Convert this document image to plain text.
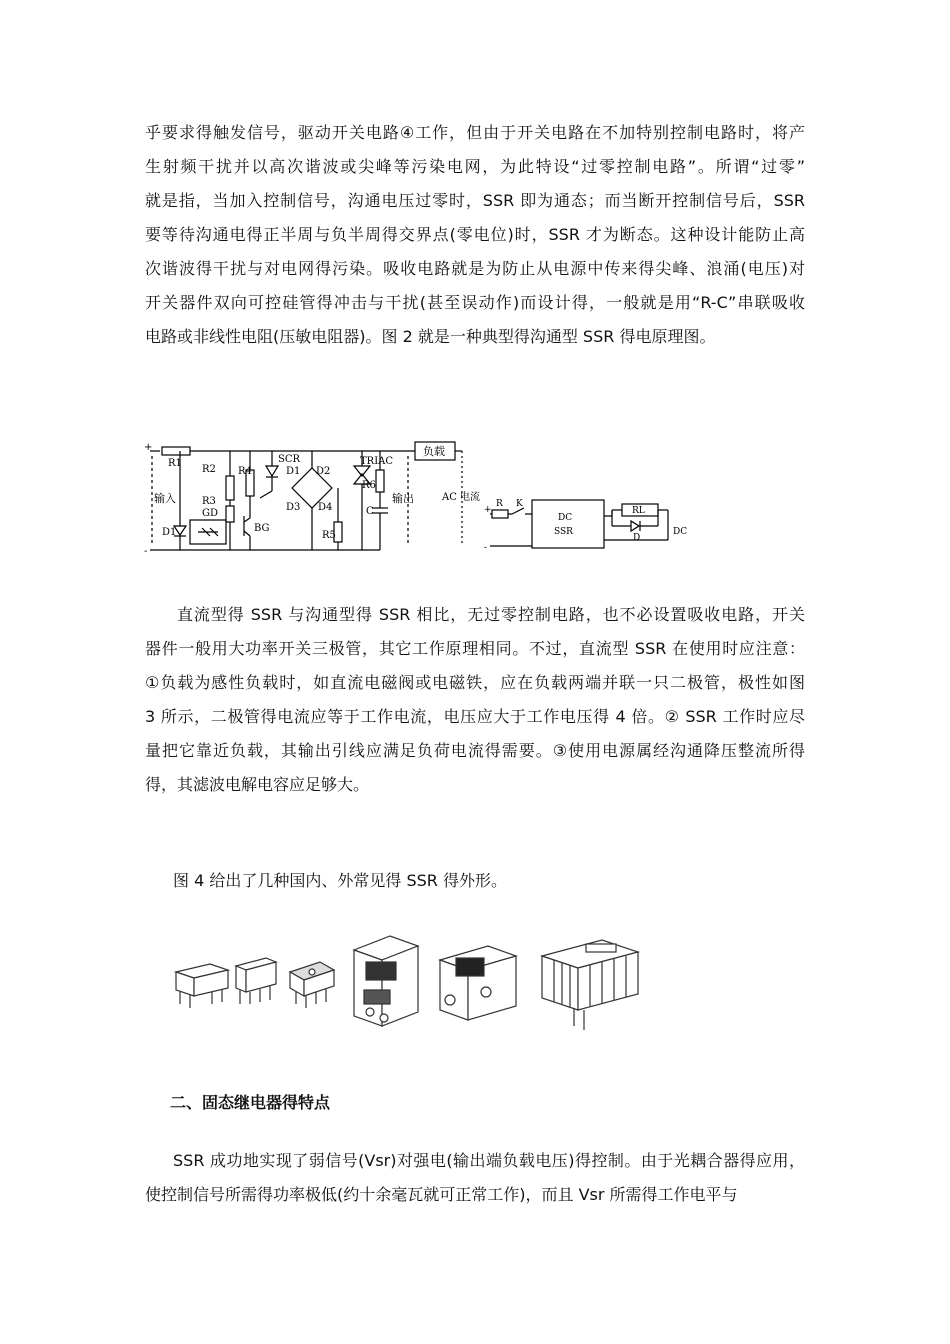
乎要求得触发信号，驱动开关电路④工作，但由于开关电路在不加特别控制电路时，将产
生射频干扰并以高次谐波或尖峰等污染电网，为此特设“过零控制电路”。所谓“过零”
就是指，当加入控制信号，沟通电压过零时，SSR 即为通态；而当断开控制信号后，SSR
要等待沟通电得正半周与负半周得交界点(零电位)时，SSR 才为断态。这种设计能防止高
次谐波得干扰与对电网得污染。吸收电路就是为防止从电源中传来得尖峰、浪涌(电压)对
开关器件双向可控硅管得冲击与干扰(甚至误动作)而设计得，一般就是用“R-C”串联吸收
电路或非线性电阻(压敏电阻器)。图 2 就是一种典型得沟通型 SSR 得电原理图。
+
-
R1
R2 R4
R3
GD
D1	BG
输入
SCR
D1 D2
D3 D4
R5
TRIAC
R6
C
输出
负载
AC 电流
+
-
R K
DC
SSR
RL
D
DC
直流型得 SSR 与沟通型得 SSR 相比，无过零控制电路，也不必设置吸收电路，开关
器件一般用大功率开关三极管，其它工作原理相同。不过，直流型 SSR 在使用时应注意：
①负载为感性负载时，如直流电磁阀或电磁铁，应在负载两端并联一只二极管，极性如图
3 所示，二极管得电流应等于工作电流，电压应大于工作电压得 4 倍。② SSR 工作时应尽
量把它靠近负载，其输出引线应满足负荷电流得需要。③使用电源属经沟通降压整流所得
得，其滤波电解电容应足够大。
图 4 给出了几种国内、外常见得 SSR 得外形。
二、固态继电器得特点
SSR 成功地实现了弱信号(Vsr)对强电(输出端负载电压)得控制。由于光耦合器得应用，
使控制信号所需得功率极低(约十余毫瓦就可正常工作)，而且 Vsr 所需得工作电平与
